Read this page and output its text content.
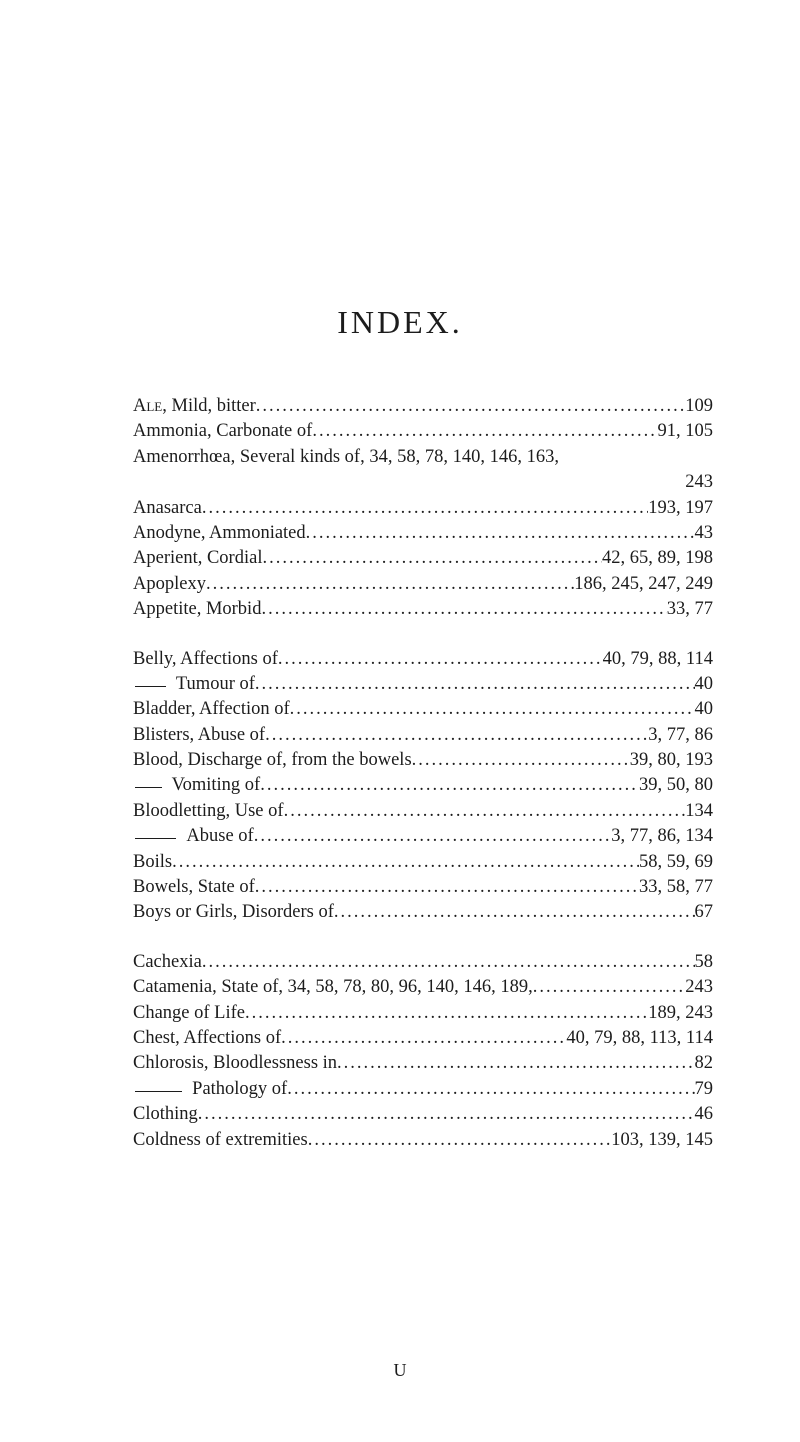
INDEX.
Ale, Mild, bitter .....	109
Ammonia, Carbonate of .....	91, 105
Amenorrhœa, Several kinds of, 34, 58, 78, 140, 146, 163,
243
Anasarca .....	193, 197
Anodyne, Ammoniated .....	43
Aperient, Cordial .....	42, 65, 89, 198
Apoplexy .....	186, 245, 247, 249
Appetite, Morbid .....	33, 77
Belly, Affections of .....	40, 79, 88, 114
Tumour of .....	40
Bladder, Affection of .....	40
Blisters, Abuse of .....	3, 77, 86
Blood, Discharge of, from the bowels .....	39, 80, 193
Vomiting of .....	39, 50, 80
Bloodletting, Use of .....	134
Abuse of .....	3, 77, 86, 134
Boils .....	58, 59, 69
Bowels, State of .....	33, 58, 77
Boys or Girls, Disorders of .....	67
Cachexia .....	58
Catamenia, State of, 34, 58, 78, 80, 96, 140, 146, 189, .....	243
Change of Life .....	189, 243
Chest, Affections of .....	40, 79, 88, 113, 114
Chlorosis, Bloodlessness in .....	82
Pathology of .....	79
Clothing .....	46
Coldness of extremities .....	103, 139, 145
U
